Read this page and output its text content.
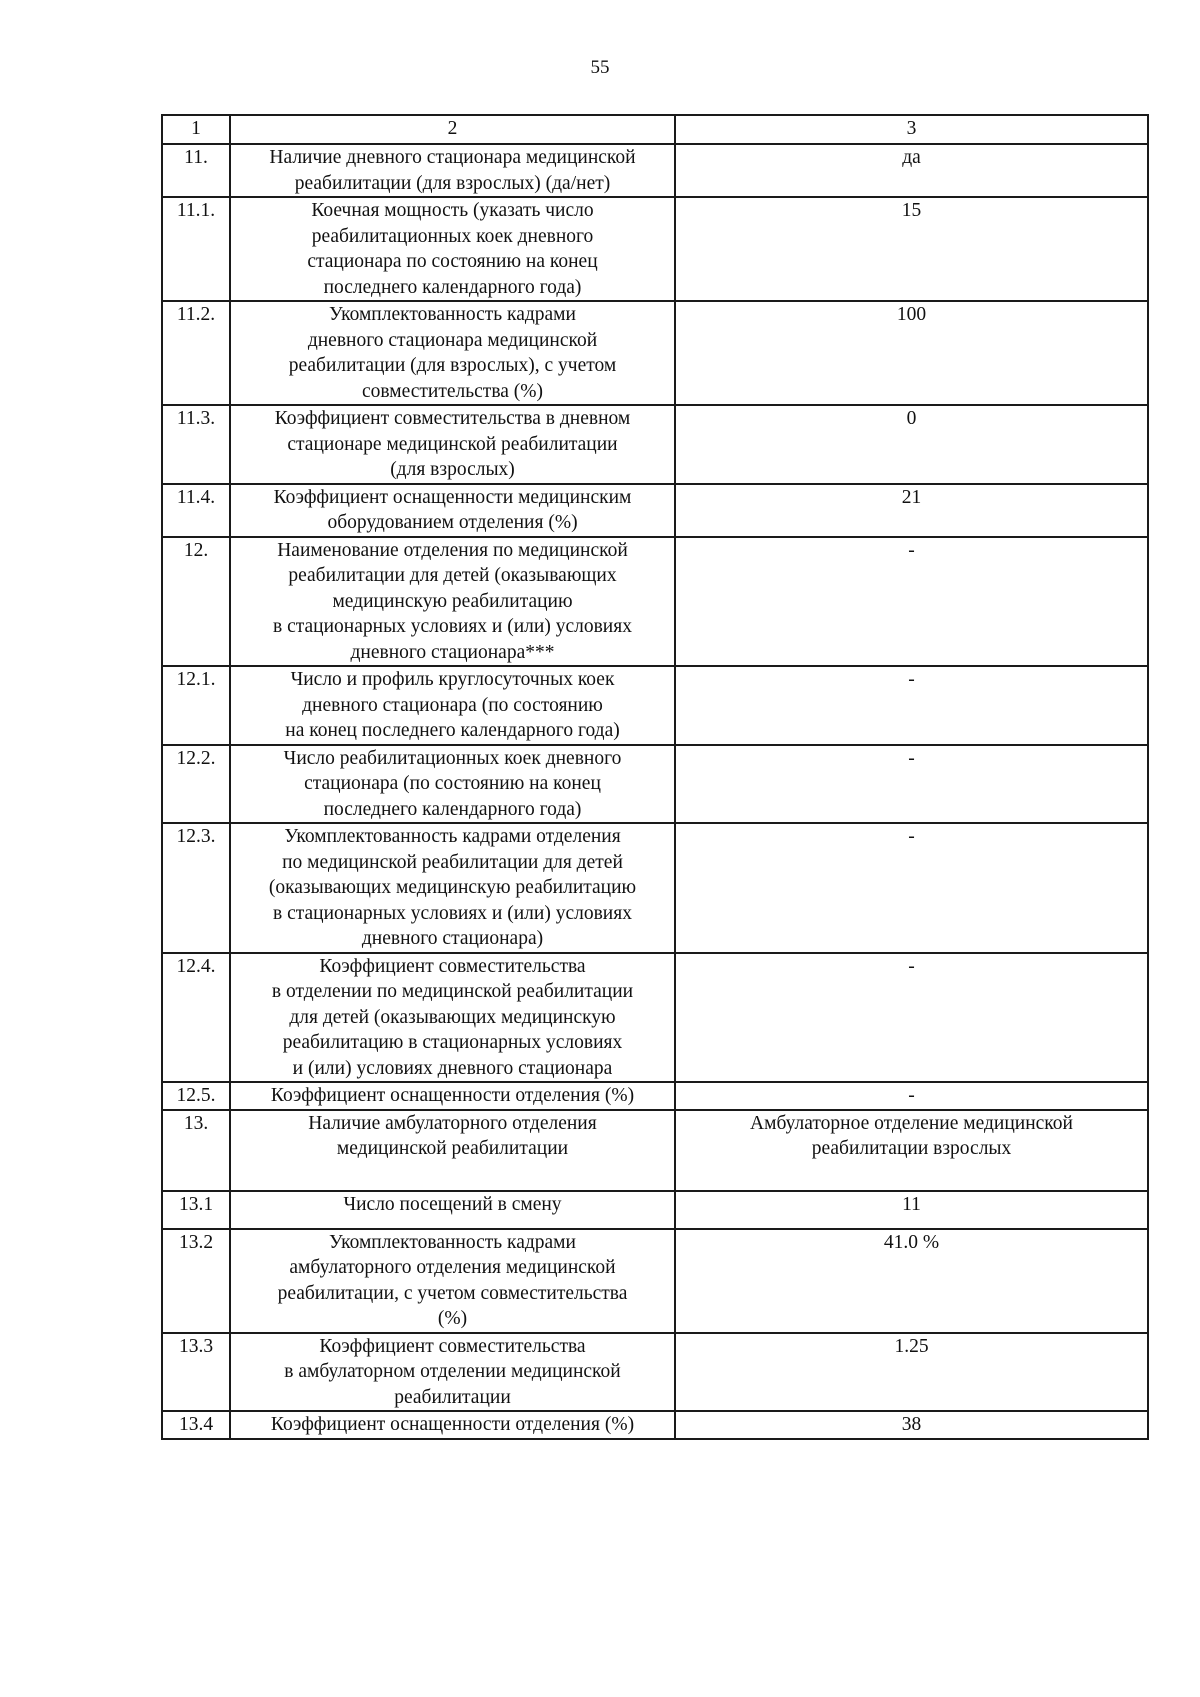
55
1	2	3
11.	Наличие дневного стационара медицинской
реабилитации (для взрослых) (да/нет)	да
11.1.	Коечная мощность (указать число
реабилитационных коек дневного
стационара по состоянию на конец
последнего календарного года)	15
11.2.	Укомплектованность кадрами
дневного стационара медицинской
реабилитации (для взрослых), с учетом
совместительства (%)	100
11.3.	Коэффициент совместительства в дневном
стационаре медицинской реабилитации
(для взрослых)	0
11.4.	Коэффициент оснащенности медицинским
оборудованием отделения (%)	21
12.	Наименование отделения по медицинской
реабилитации для детей (оказывающих
медицинскую реабилитацию
в стационарных условиях и (или) условиях
дневного стационара***	-
12.1.	Число и профиль круглосуточных коек
дневного стационара (по состоянию
на конец последнего календарного года)	-
12.2.	Число реабилитационных коек дневного
стационара (по состоянию на конец
последнего календарного года)	-
12.3.	Укомплектованность кадрами отделения
по медицинской реабилитации для детей
(оказывающих медицинскую реабилитацию
в стационарных условиях и (или) условиях
дневного стационара)	-
12.4.	Коэффициент совместительства
в отделении по медицинской реабилитации
для детей (оказывающих медицинскую
реабилитацию в стационарных условиях
и (или) условиях дневного стационара	-
12.5.	Коэффициент оснащенности отделения (%)	-
13.	Наличие амбулаторного отделения
медицинской реабилитации	Амбулаторное отделение медицинской
реабилитации взрослых
13.1	Число посещений в смену	11
13.2	Укомплектованность кадрами
амбулаторного отделения медицинской
реабилитации, с учетом совместительства
(%)	41.0 %
13.3	Коэффициент совместительства
в амбулаторном отделении медицинской
реабилитации	1.25
13.4	Коэффициент оснащенности отделения (%)	38
